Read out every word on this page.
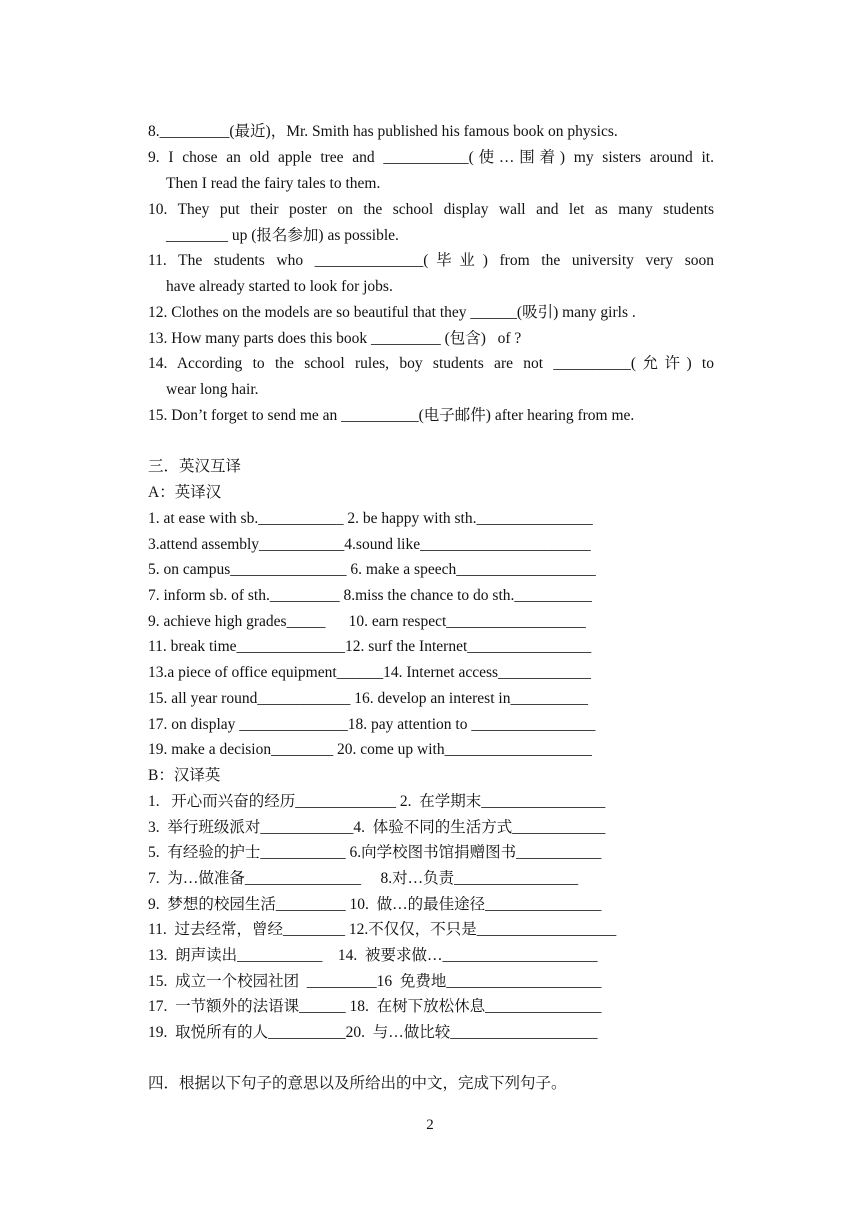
8._________(最近)，Mr. Smith has published his famous book on physics.
9. I chose an old apple tree and ___________(使…围着) my sisters around it.
Then I read the fairy tales to them.
10. They put their poster on the school display wall and let as many students
________ up (报名参加) as possible.
11. The students who ______________(毕业) from the university very soon
have already started to look for jobs.
12. Clothes on the models are so beautiful that they ______(吸引) many girls .
13. How many parts does this book _________ (包含)   of ?
14. According to the school rules, boy students are not __________(允许) to
wear long hair.
15. Don’t forget to send me an __________(电子邮件) after hearing from me.
三．英汉互译
A：英译汉
1. at ease with sb.___________ 2. be happy with sth._______________
3.attend assembly___________4.sound like______________________
5. on campus_______________ 6. make a speech__________________
7. inform sb. of sth._________ 8.miss the chance to do sth.__________
9. achieve high grades_____      10. earn respect__________________
11. break time______________12. surf the Internet________________
13.a piece of office equipment______14. Internet access____________
15. all year round____________ 16. develop an interest in__________
17. on display ______________18. pay attention to ________________
19. make a decision________ 20. come up with___________________
B：汉译英
1.   开心而兴奋的经历_____________ 2.  在学期末________________
3.  举行班级派对____________4.  体验不同的生活方式____________
5.  有经验的护士___________ 6.向学校图书馆捐赠图书___________
7.  为…做准备_______________     8.对…负责________________
9.  梦想的校园生活_________ 10.  做…的最佳途径_______________
11.  过去经常，曾经________ 12.不仅仅，不只是__________________
13.  朗声读出___________    14.  被要求做…____________________
15.  成立一个校园社团  _________16  免费地____________________
17.  一节额外的法语课______ 18.  在树下放松休息_______________
19.  取悦所有的人__________20.  与…做比较___________________
四．根据以下句子的意思以及所给出的中文，完成下列句子。
2
